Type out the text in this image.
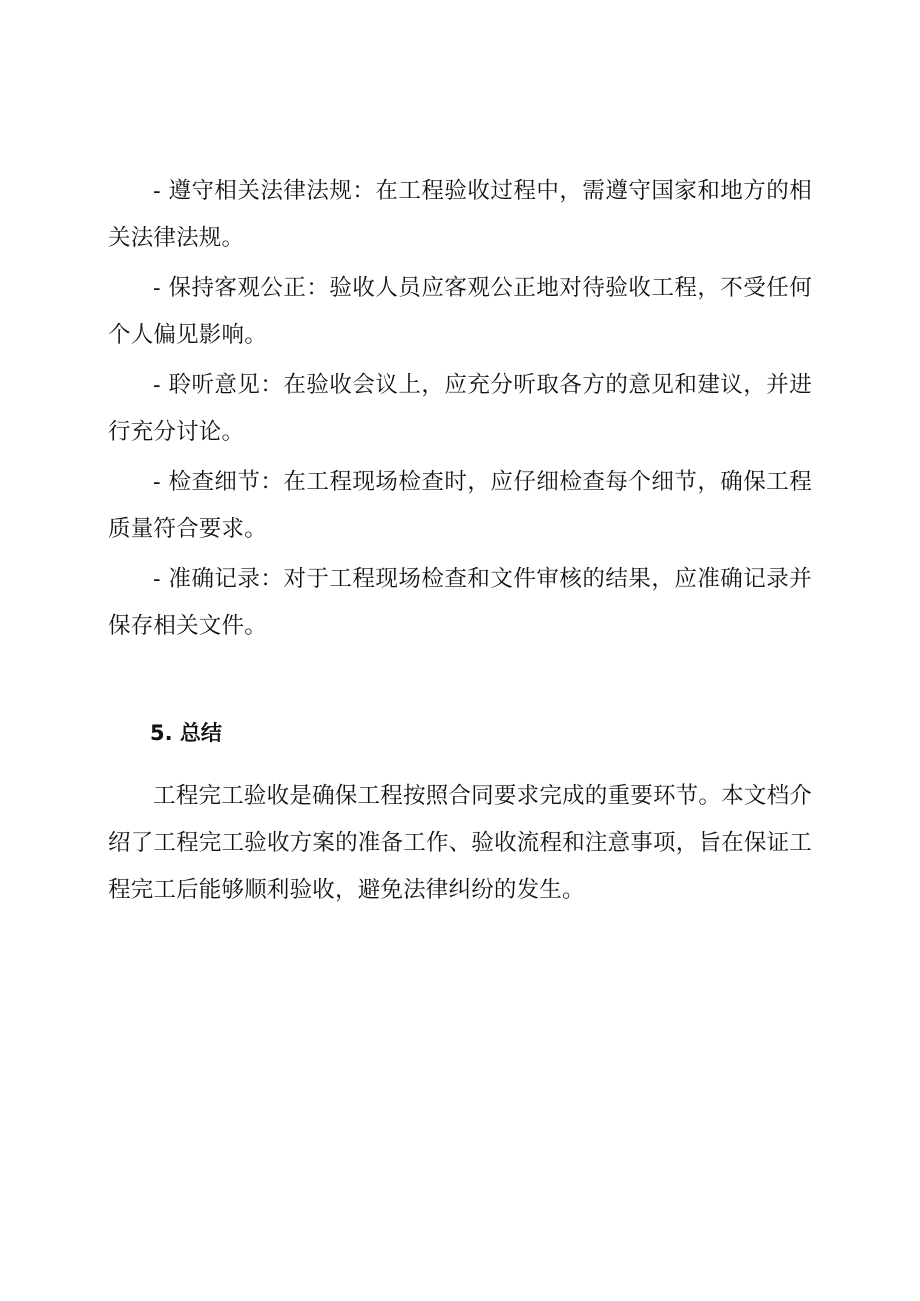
- 遵守相关法律法规：在工程验收过程中，需遵守国家和地方的相关法律法规。

- 保持客观公正：验收人员应客观公正地对待验收工程，不受任何个人偏见影响。

- 聆听意见：在验收会议上，应充分听取各方的意见和建议，并进行充分讨论。

- 检查细节：在工程现场检查时，应仔细检查每个细节，确保工程质量符合要求。

- 准确记录：对于工程现场检查和文件审核的结果，应准确记录并保存相关文件。

5. 总结

工程完工验收是确保工程按照合同要求完成的重要环节。本文档介绍了工程完工验收方案的准备工作、验收流程和注意事项，旨在保证工程完工后能够顺利验收，避免法律纠纷的发生。
